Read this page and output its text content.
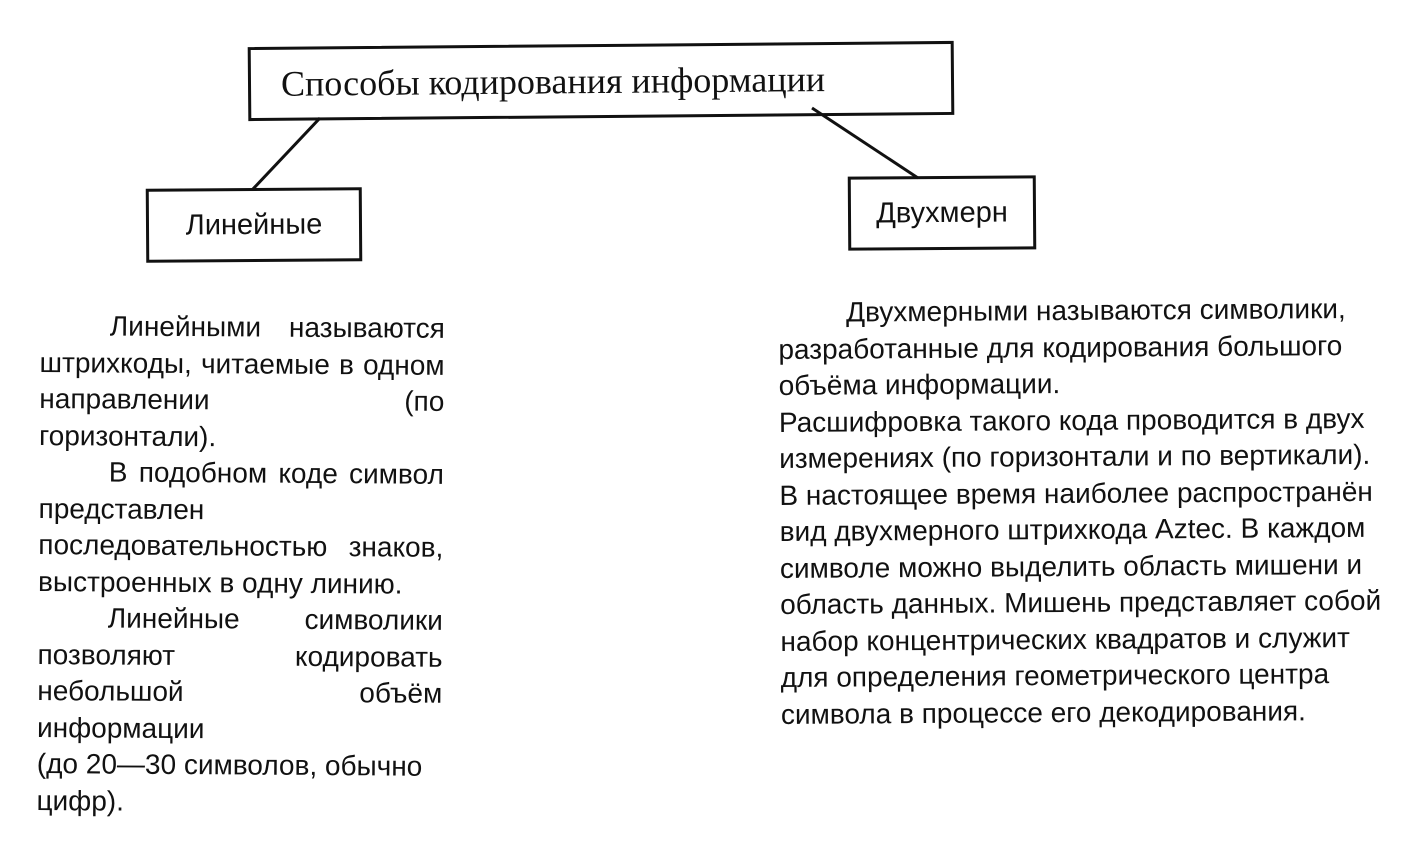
Способы кодирования информации
Линейные	Двухмерн

Линейными называются штрихкоды, читаемые в одном направлении (по

горизонтали).

В подобном коде символ представлен последовательностью знаков,

выстроенных в одну линию.

Линейные символики позволяют кодировать небольшой объём

информации

(до 20—30 символов, обычно
цифр).

Двухмерными называются символики,
разработанные для кодирования большого
объёма информации.
Расшифровка такого кода проводится в двух
измерениях (по горизонтали и по вертикали).
В настоящее время наиболее распространён
вид двухмерного штрихкода Aztec. В каждом
символе можно выделить область мишени и
область данных. Мишень представляет собой
набор концентрических квадратов и служит
для определения геометрического центра
символа в процессе его декодирования.
